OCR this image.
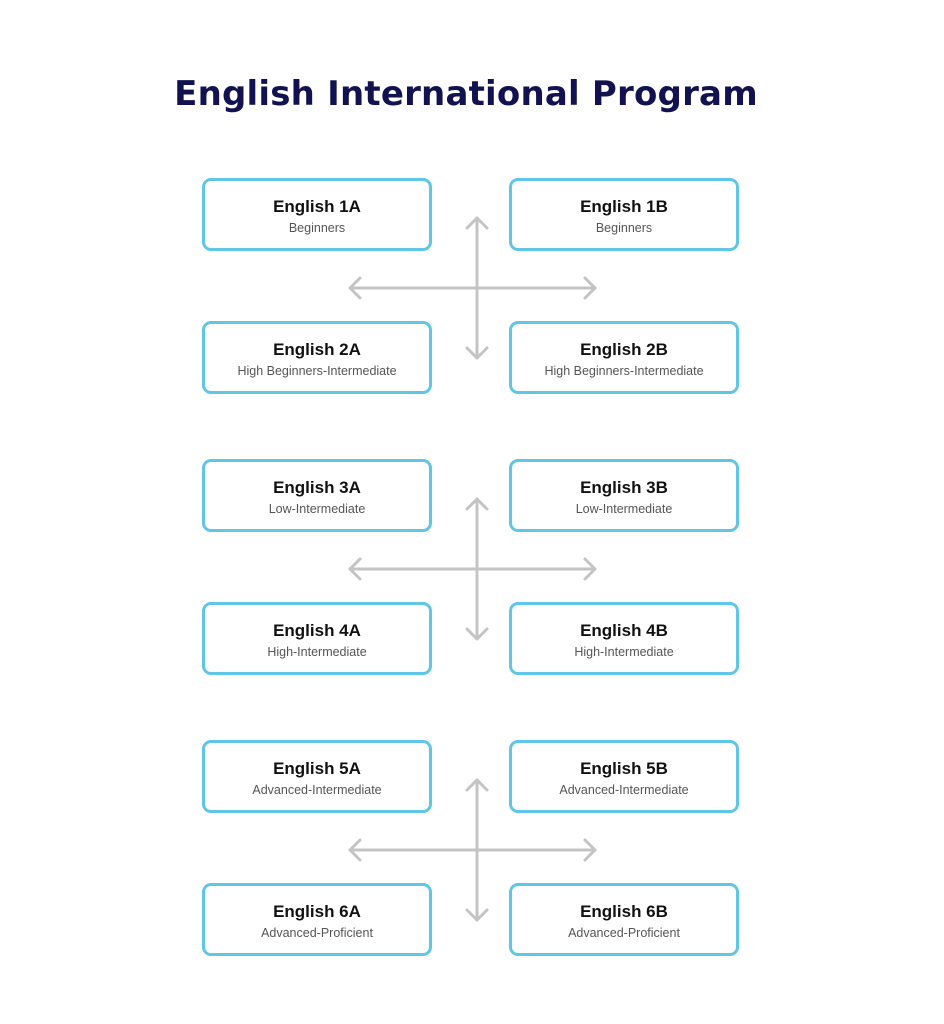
English International Program
English 1A
Beginners
English 1B
Beginners
English 2A
High Beginners-Intermediate
English 2B
High Beginners-Intermediate
English 3A
Low-Intermediate
English 3B
Low-Intermediate
English 4A
High-Intermediate
English 4B
High-Intermediate
English 5A
Advanced-Intermediate
English 5B
Advanced-Intermediate
English 6A
Advanced-Proficient
English 6B
Advanced-Proficient
